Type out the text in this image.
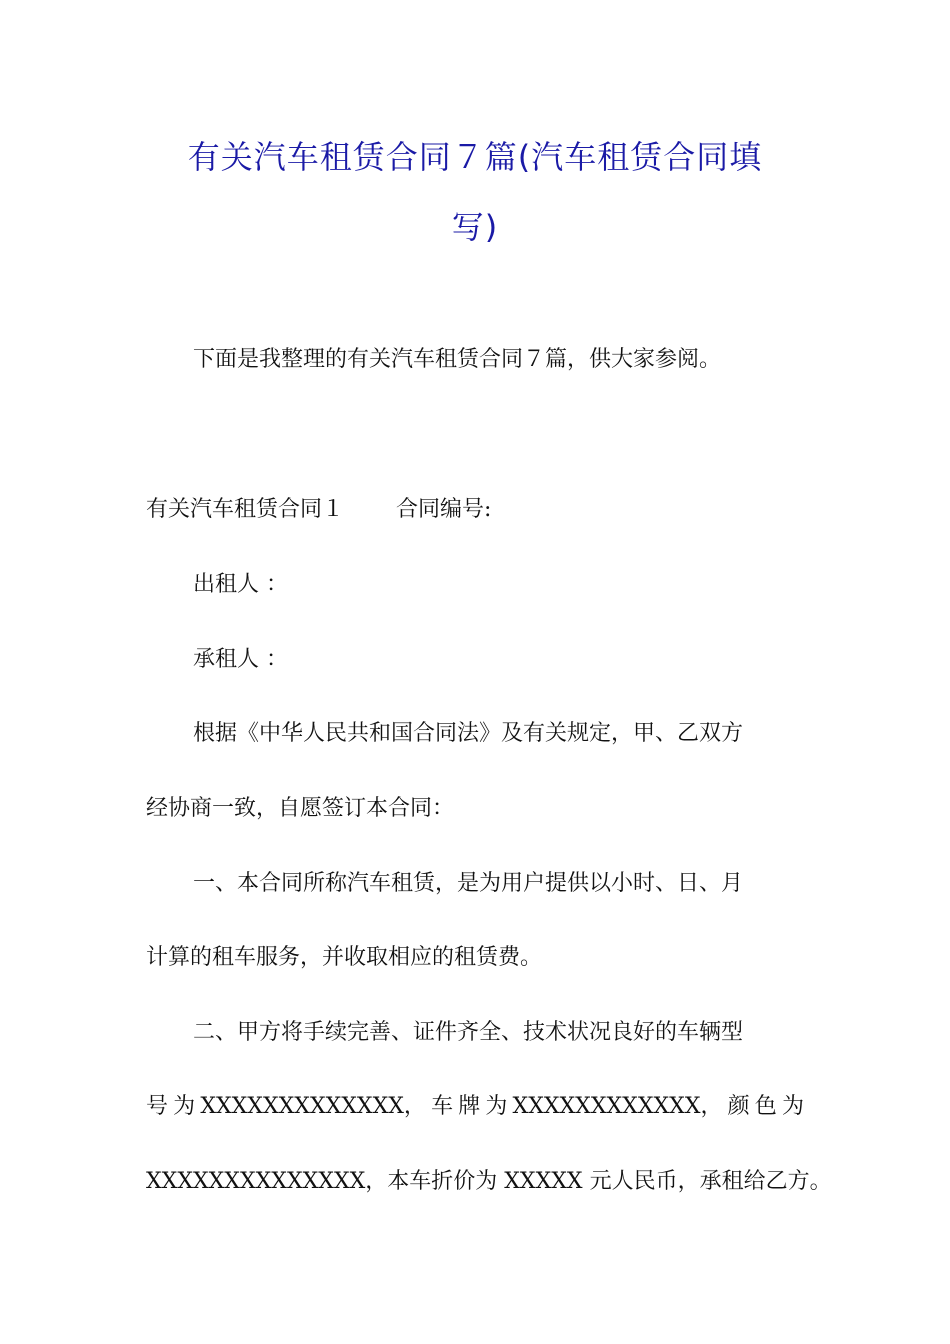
有关汽车租赁合同７篇(汽车租赁合同填
写)
下面是我整理的有关汽车租赁合同７篇，供大家参阅。
有关汽车租赁合同１ 合同编号:
出租人 ：
承租人 ：
根据《中华人民共和国合同法》及有关规定，甲、乙双方
经协商一致，自愿签订本合同：
一、本合同所称汽车租赁，是为用户提供以小时、日、月
计算的租车服务，并收取相应的租赁费。
二、甲方将手续完善、证件齐全、技术状况良好的车辆型
号 为 XXXXXXXXXXXXX， 车 牌 为 XXXXXXXXXXXX， 颜 色 为
XXXXXXXXXXXXXX，本车折价为 XXXXX 元人民币，承租给乙方。
